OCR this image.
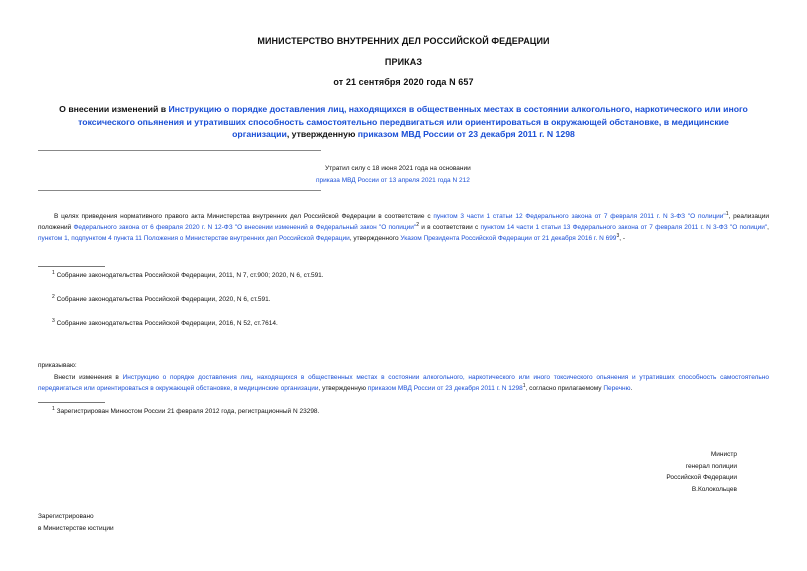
МИНИСТЕРСТВО ВНУТРЕННИХ ДЕЛ РОССИЙСКОЙ ФЕДЕРАЦИИ
ПРИКАЗ
от 21 сентября 2020 года N 657
О внесении изменений в Инструкцию о порядке доставления лиц, находящихся в общественных местах в состоянии алкогольного, наркотического или иного токсического опьянения и утративших способность самостоятельно передвигаться или ориентироваться в окружающей обстановке, в медицинские организации, утвержденную приказом МВД России от 23 декабря 2011 г. N 1298
Утратил силу с 18 июня 2021 года на основании
приказа МВД России от 13 апреля 2021 года N 212
В целях приведения нормативного правого акта Министерства внутренних дел Российской Федерации в соответствие с пунктом 3 части 1 статьи 12 Федерального закона от 7 февраля 2011 г. N 3-ФЗ "О полиции"$^1$, реализации положений Федерального закона от 6 февраля 2020 г. N 12-ФЗ "О внесении изменений в Федеральный закон "О полиции"$^2$ и в соответствии с пунктом 14 части 1 статьи 13 Федерального закона от 7 февраля 2011 г. N 3-ФЗ "О полиции", пунктом 1, подпунктом 4 пункта 11 Положения о Министерстве внутренних дел Российской Федерации, утвержденного Указом Президента Российской Федерации от 21 декабря 2016 г. N $699^3$, -
$^1$ Собрание законодательства Российской Федерации, 2011, N 7, ст.900; 2020, N 6, ст.591.
$^2$ Собрание законодательства Российской Федерации, 2020, N 6, ст.591.
$^3$ Собрание законодательства Российской Федерации, 2016, N 52, ст.7614.
приказываю:
Внести изменения в Инструкцию о порядке доставления лиц, находящихся в общественных местах в состоянии алкогольного, наркотического или иного токсического опьянения и утративших способность самостоятельно передвигаться или ориентироваться в окружающей обстановке, в медицинские организации, утвержденную приказом МВД России от 23 декабря 2011 г. N 1298$^1$, согласно прилагаемому Перечню.
$^1$ Зарегистрирован Минюстом России 21 февраля 2012 года, регистрационный N 23298.
Министр
генерал полиции
Российской Федерации
В.Колокольцев
Зарегистрировано
в Министерстве юстиции
